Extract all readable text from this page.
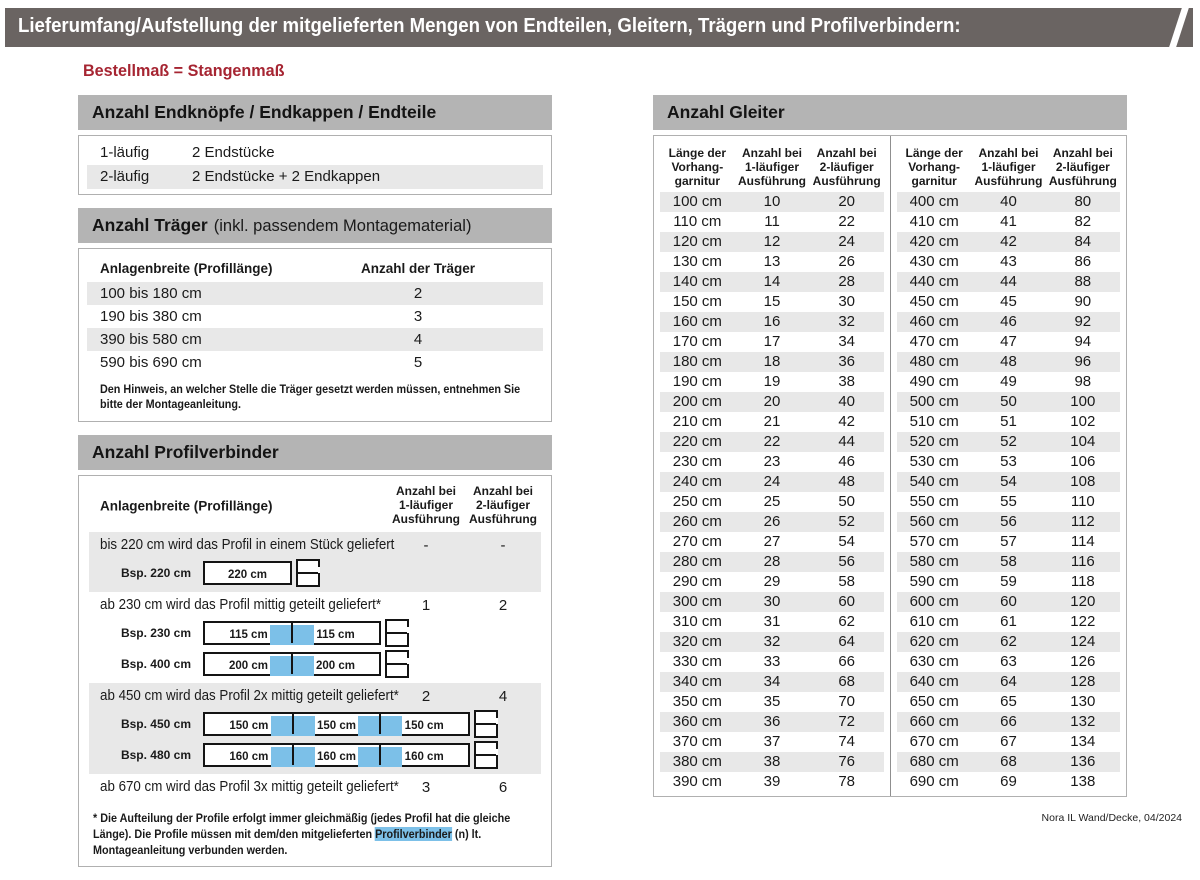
Lieferumfang/Aufstellung der mitgelieferten Mengen von Endteilen, Gleitern, Trägern und Profilverbindern:
Bestellmaß = Stangenmaß
Anzahl Endknöpfe / Endkappen / Endteile
1-läufig	2 Endstücke
2-läufig	2 Endstücke + 2 Endkappen
Anzahl Träger (inkl. passendem Montagematerial)
Anlagenbreite (Profillänge)	Anzahl der Träger
100 bis 180 cm	2
190 bis 380 cm	3
390 bis 580 cm	4
590 bis 690 cm	5
Den Hinweis, an welcher Stelle die Träger gesetzt werden müssen, entnehmen Sie bitte der Montageanleitung.
Anzahl Profilverbinder
Anlagenbreite (Profillänge)
Anzahl bei
1-läufiger
Ausführung
Anzahl bei
2-läufiger
Ausführung
bis 220 cm wird das Profil in einem Stück geliefert	-	-
Bsp. 220 cm	220 cm
ab 230 cm wird das Profil mittig geteilt geliefert*	1	2
Bsp. 230 cm	115 cm	115 cm
Bsp. 400 cm	200 cm	200 cm
ab 450 cm wird das Profil 2x mittig geteilt geliefert*	2	4
Bsp. 450 cm	150 cm	150 cm	150 cm
Bsp. 480 cm	160 cm	160 cm	160 cm
ab 670 cm wird das Profil 3x mittig geteilt geliefert*	3	6
* Die Aufteilung der Profile erfolgt immer gleichmäßig (jedes Profil hat die gleiche Länge). Die Profile müssen mit dem/den mitgelieferten Profilverbinder (n) lt. Montageanleitung verbunden werden.
Anzahl Gleiter
Länge der
Vorhang-
garnitur
Anzahl bei
1-läufiger
Ausführung
Anzahl bei
2-läufiger
Ausführung
100 cm	10	20
110 cm	11	22
120 cm	12	24
130 cm	13	26
140 cm	14	28
150 cm	15	30
160 cm	16	32
170 cm	17	34
180 cm	18	36
190 cm	19	38
200 cm	20	40
210 cm	21	42
220 cm	22	44
230 cm	23	46
240 cm	24	48
250 cm	25	50
260 cm	26	52
270 cm	27	54
280 cm	28	56
290 cm	29	58
300 cm	30	60
310 cm	31	62
320 cm	32	64
330 cm	33	66
340 cm	34	68
350 cm	35	70
360 cm	36	72
370 cm	37	74
380 cm	38	76
390 cm	39	78
Länge der
Vorhang-
garnitur
Anzahl bei
1-läufiger
Ausführung
Anzahl bei
2-läufiger
Ausführung
400 cm	40	80
410 cm	41	82
420 cm	42	84
430 cm	43	86
440 cm	44	88
450 cm	45	90
460 cm	46	92
470 cm	47	94
480 cm	48	96
490 cm	49	98
500 cm	50	100
510 cm	51	102
520 cm	52	104
530 cm	53	106
540 cm	54	108
550 cm	55	110
560 cm	56	112
570 cm	57	114
580 cm	58	116
590 cm	59	118
600 cm	60	120
610 cm	61	122
620 cm	62	124
630 cm	63	126
640 cm	64	128
650 cm	65	130
660 cm	66	132
670 cm	67	134
680 cm	68	136
690 cm	69	138
Nora IL Wand/Decke, 04/2024
